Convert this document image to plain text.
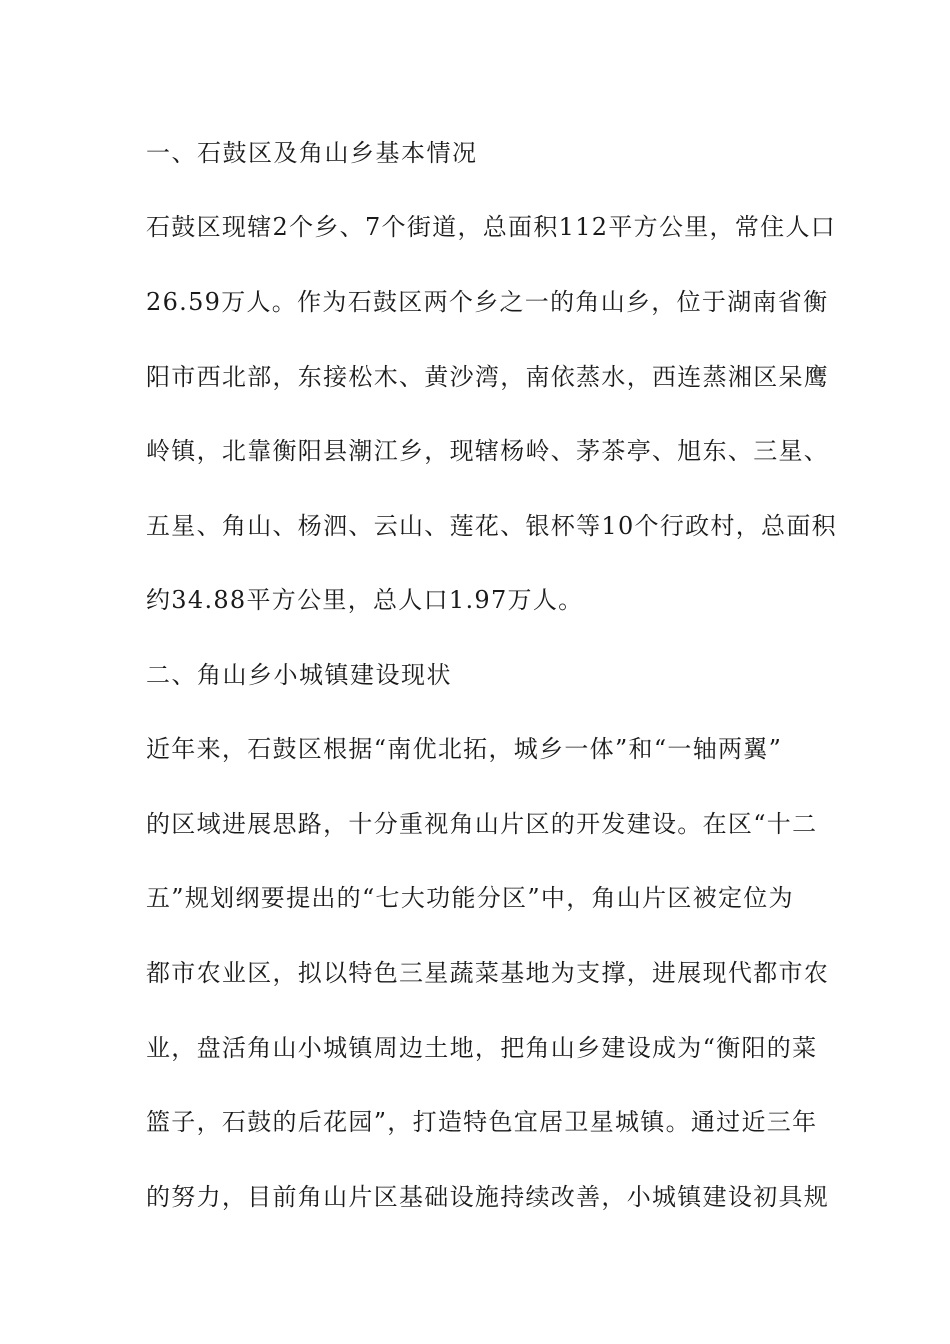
一、石鼓区及角山乡基本情况
石鼓区现辖2个乡、7个街道，总面积112平方公里，常住人口
26.59万人。作为石鼓区两个乡之一的角山乡，位于湖南省衡
阳市西北部，东接松木、黄沙湾，南依蒸水，西连蒸湘区呆鹰
岭镇，北靠衡阳县潮江乡，现辖杨岭、茅茶亭、旭东、三星、
五星、角山、杨泗、云山、莲花、银杯等10个行政村，总面积
约34.88平方公里，总人口1.97万人。
二、角山乡小城镇建设现状
近年来，石鼓区根据“南优北拓，城乡一体”和“一轴两翼”
的区域进展思路，十分重视角山片区的开发建设。在区“十二
五”规划纲要提出的“七大功能分区”中，角山片区被定位为
都市农业区，拟以特色三星蔬菜基地为支撑，进展现代都市农
业，盘活角山小城镇周边土地，把角山乡建设成为“衡阳的菜
篮子，石鼓的后花园”，打造特色宜居卫星城镇。通过近三年
的努力，目前角山片区基础设施持续改善，小城镇建设初具规
